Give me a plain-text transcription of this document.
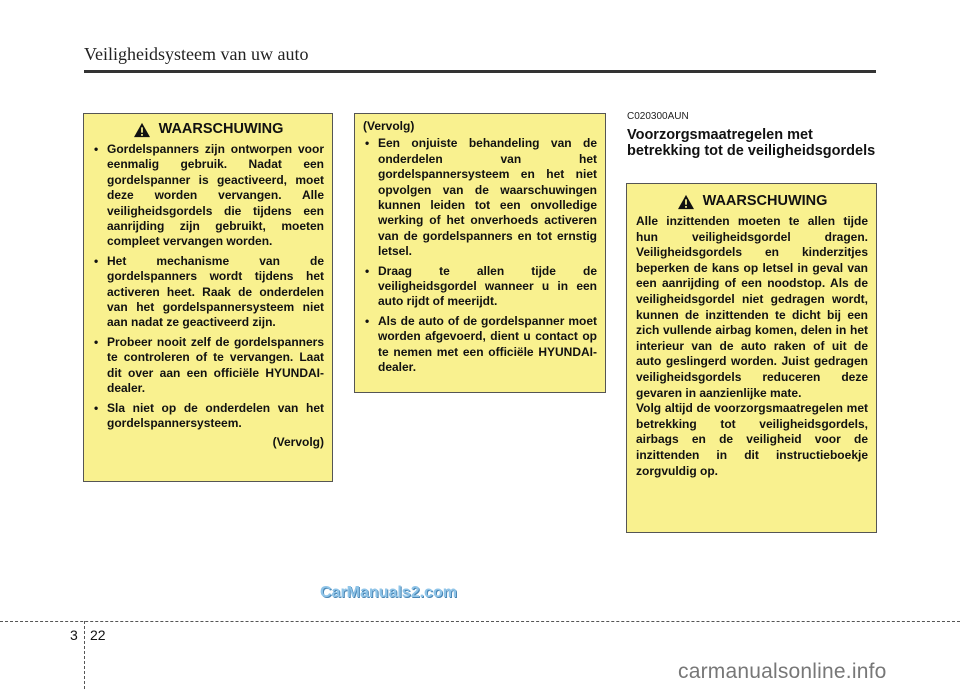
Veiligheidsysteem van uw auto
WAARSCHUWING
• Gordelspanners zijn ontworpen voor eenmalig gebruik. Nadat een gordelspanner is geactiveerd, moet deze worden vervangen. Alle veiligheidsgordels die tijdens een aanrijding zijn gebruikt, moeten compleet vervangen worden.
• Het mechanisme van de gordelspanners wordt tijdens het activeren heet. Raak de onderdelen van het gordelspannersysteem niet aan nadat ze geactiveerd zijn.
• Probeer nooit zelf de gordelspanners te controleren of te vervangen. Laat dit over aan een officiële HYUNDAI-dealer.
• Sla niet op de onderdelen van het gordelspannersysteem.
(Vervolg)
(Vervolg)
• Een onjuiste behandeling van de onderdelen van het gordelspannersysteem en het niet opvolgen van de waarschuwingen kunnen leiden tot een onvolledige werking of het onverhoeds activeren van de gordelspanners en tot ernstig letsel.
• Draag te allen tijde de veiligheidsgordel wanneer u in een auto rijdt of meerijdt.
• Als de auto of de gordelspanner moet worden afgevoerd, dient u contact op te nemen met een officiële HYUNDAI-dealer.
C020300AUN
Voorzorgsmaatregelen met betrekking tot de veiligheidsgordels
WAARSCHUWING
Alle inzittenden moeten te allen tijde hun veiligheidsgordel dragen. Veiligheidsgordels en kinderzitjes beperken de kans op letsel in geval van een aanrijding of een noodstop. Als de veiligheidsgordel niet gedragen wordt, kunnen de inzittenden te dicht bij een zich vullende airbag komen, delen in het interieur van de auto raken of uit de auto geslingerd worden. Juist gedragen veiligheidsgordels reduceren deze gevaren in aanzienlijke mate.
Volg altijd de voorzorgsmaatregelen met betrekking tot veiligheidsgordels, airbags en de veiligheid voor de inzittenden in dit instructieboekje zorgvuldig op.
CarManuals2.com
3 22
carmanualsonline.info
